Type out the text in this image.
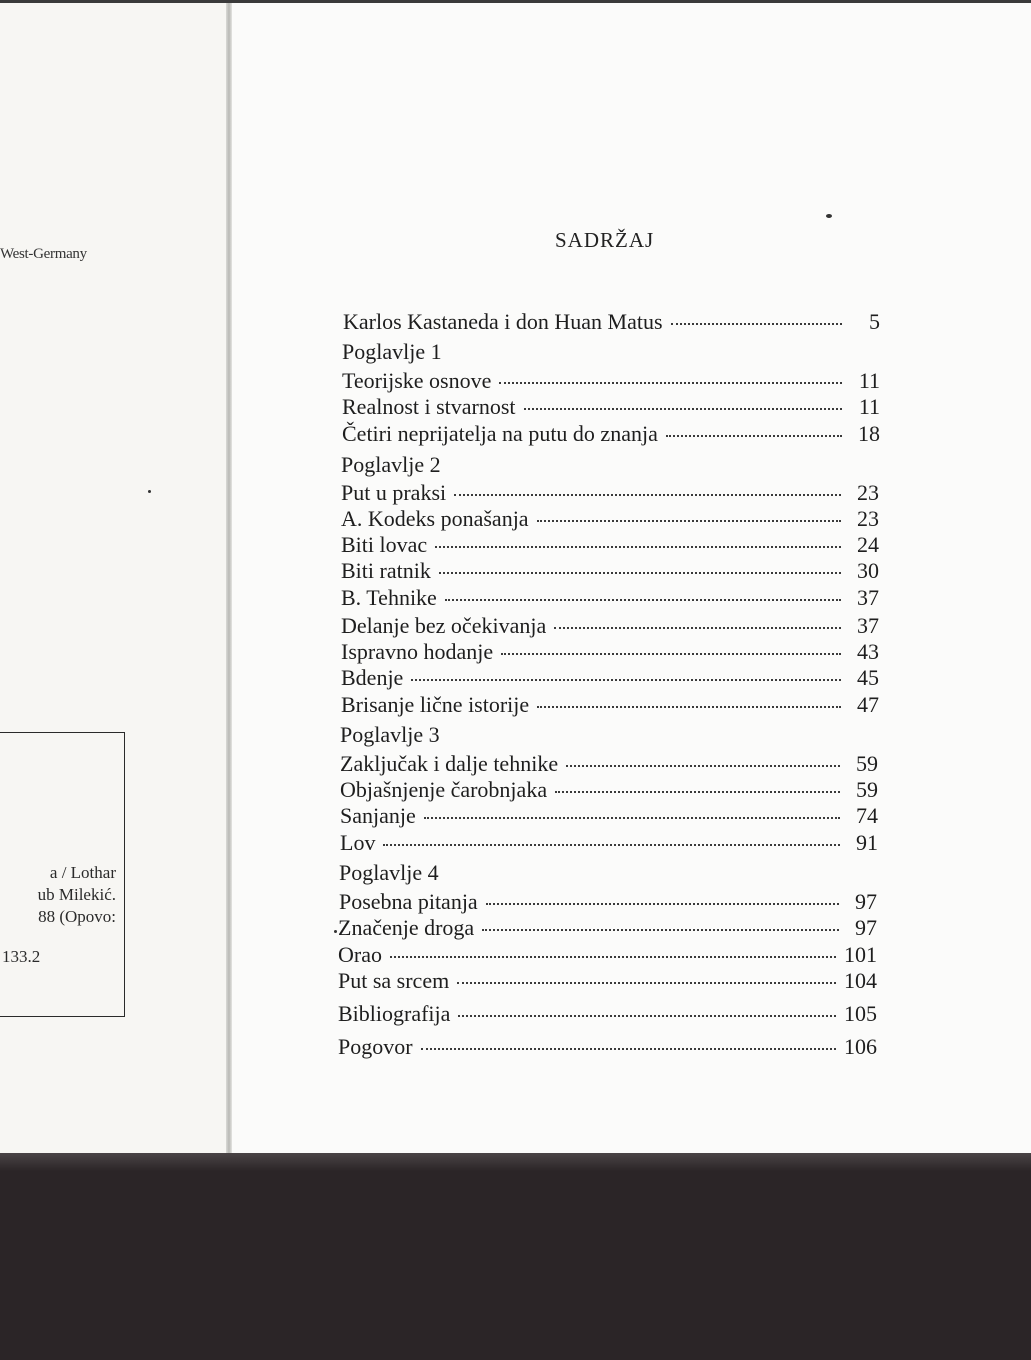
West-Germany
a / Lothar
ub Milekić.
88 (Opovo:
133.2
SADRŽAJ
Karlos Kastaneda i don Huan Matus	5
Poglavlje 1
Teorijske osnove	11
Realnost i stvarnost	11
Četiri neprijatelja na putu do znanja	18
Poglavlje 2
Put u praksi	23
A. Kodeks ponašanja	23
Biti lovac	24
Biti ratnik	30
B. Tehnike	37
Delanje bez očekivanja	37
Ispravno hodanje	43
Bdenje	45
Brisanje lične istorije	47
Poglavlje 3
Zaključak i dalje tehnike	59
Objašnjenje čarobnjaka	59
Sanjanje	74
Lov	91
Poglavlje 4
Posebna pitanja	97
Značenje droga	97
Orao	101
Put sa srcem	104
Bibliografija	105
Pogovor	106
